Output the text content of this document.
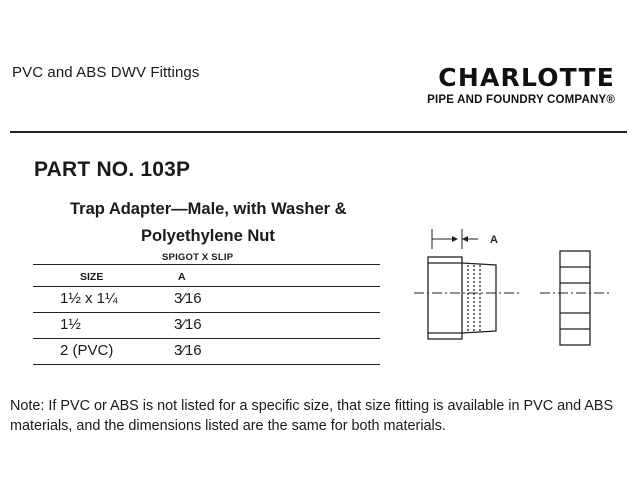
PVC and ABS DWV Fittings	CHARLOTTE
PIPE AND FOUNDRY COMPANY®
PART NO. 103P
Trap Adapter—Male, with Washer &
Polyethylene Nut
SPIGOT X SLIP
SIZE	A
1½ x 1¼	3⁄16
1½	3⁄16
2 (PVC)	3⁄16
A
Note: If PVC or ABS is not listed for a specific size, that size fitting is available in PVC and ABS materials, and the dimensions listed are the same for both materials.
